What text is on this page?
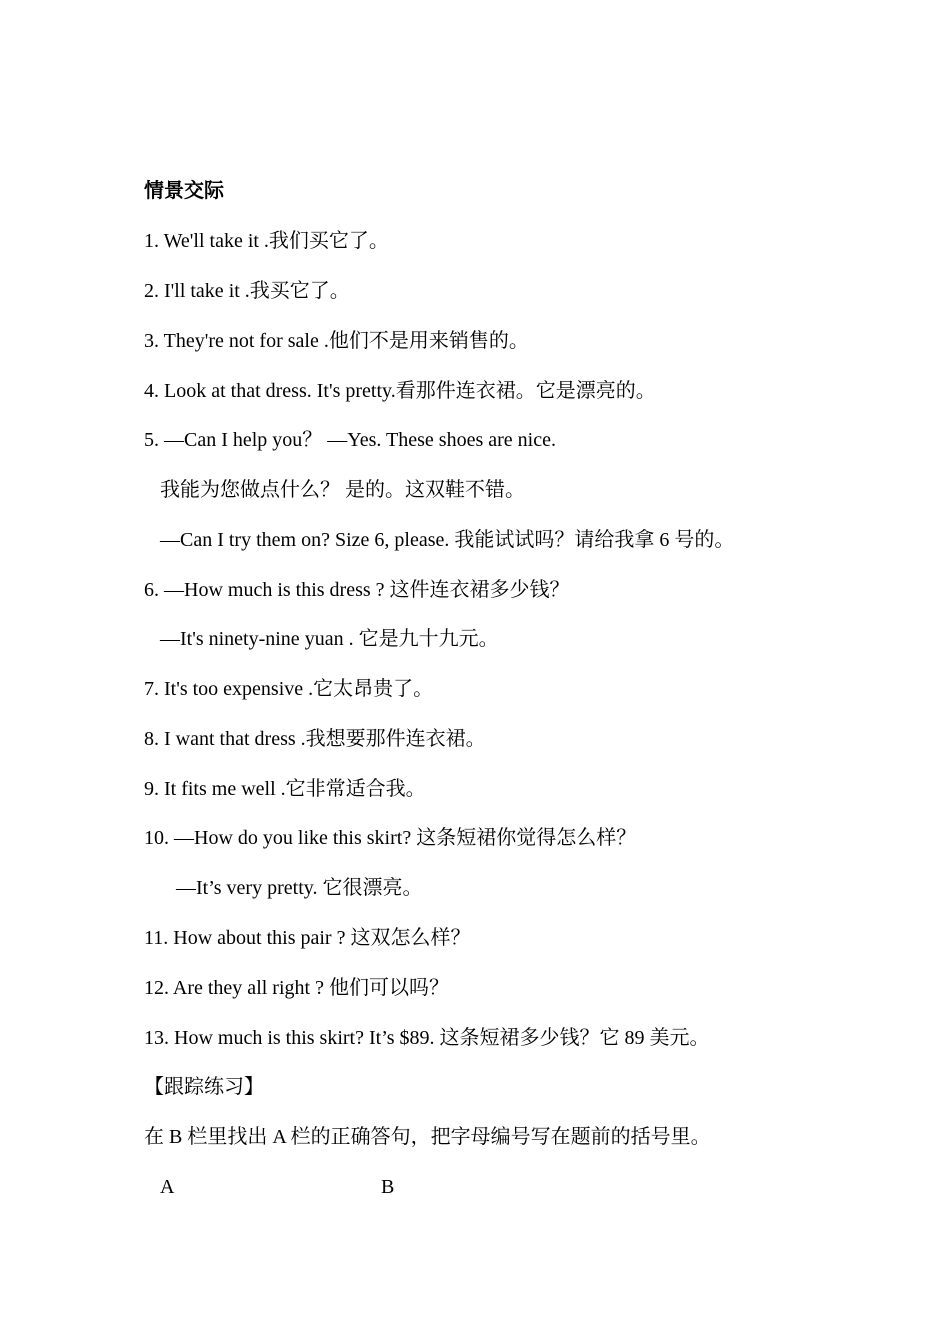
情景交际
1. We'll take it .我们买它了。
2. I'll take it .我买它了。
3. They're not for sale .他们不是用来销售的。
4. Look at that dress. It's pretty.看那件连衣裙。它是漂亮的。
5. —Can I help you？ —Yes. These shoes are nice.
我能为您做点什么？ 是的。这双鞋不错。
—Can I try them on? Size 6, please. 我能试试吗？请给我拿 6 号的。
6. —How much is this dress ? 这件连衣裙多少钱？
—It's ninety-nine yuan . 它是九十九元。
7. It's too expensive .它太昂贵了。
8. I want that dress .我想要那件连衣裙。
9. It fits me well .它非常适合我。
10. —How do you like this skirt? 这条短裙你觉得怎么样？
—It’s very pretty. 它很漂亮。
11. How about this pair ? 这双怎么样？
12. Are they all right ? 他们可以吗？
13. How much is this skirt? It’s $89. 这条短裙多少钱？它 89 美元。
【跟踪练习】
在 B 栏里找出 A 栏的正确答句，把字母编号写在题前的括号里。
A	B
